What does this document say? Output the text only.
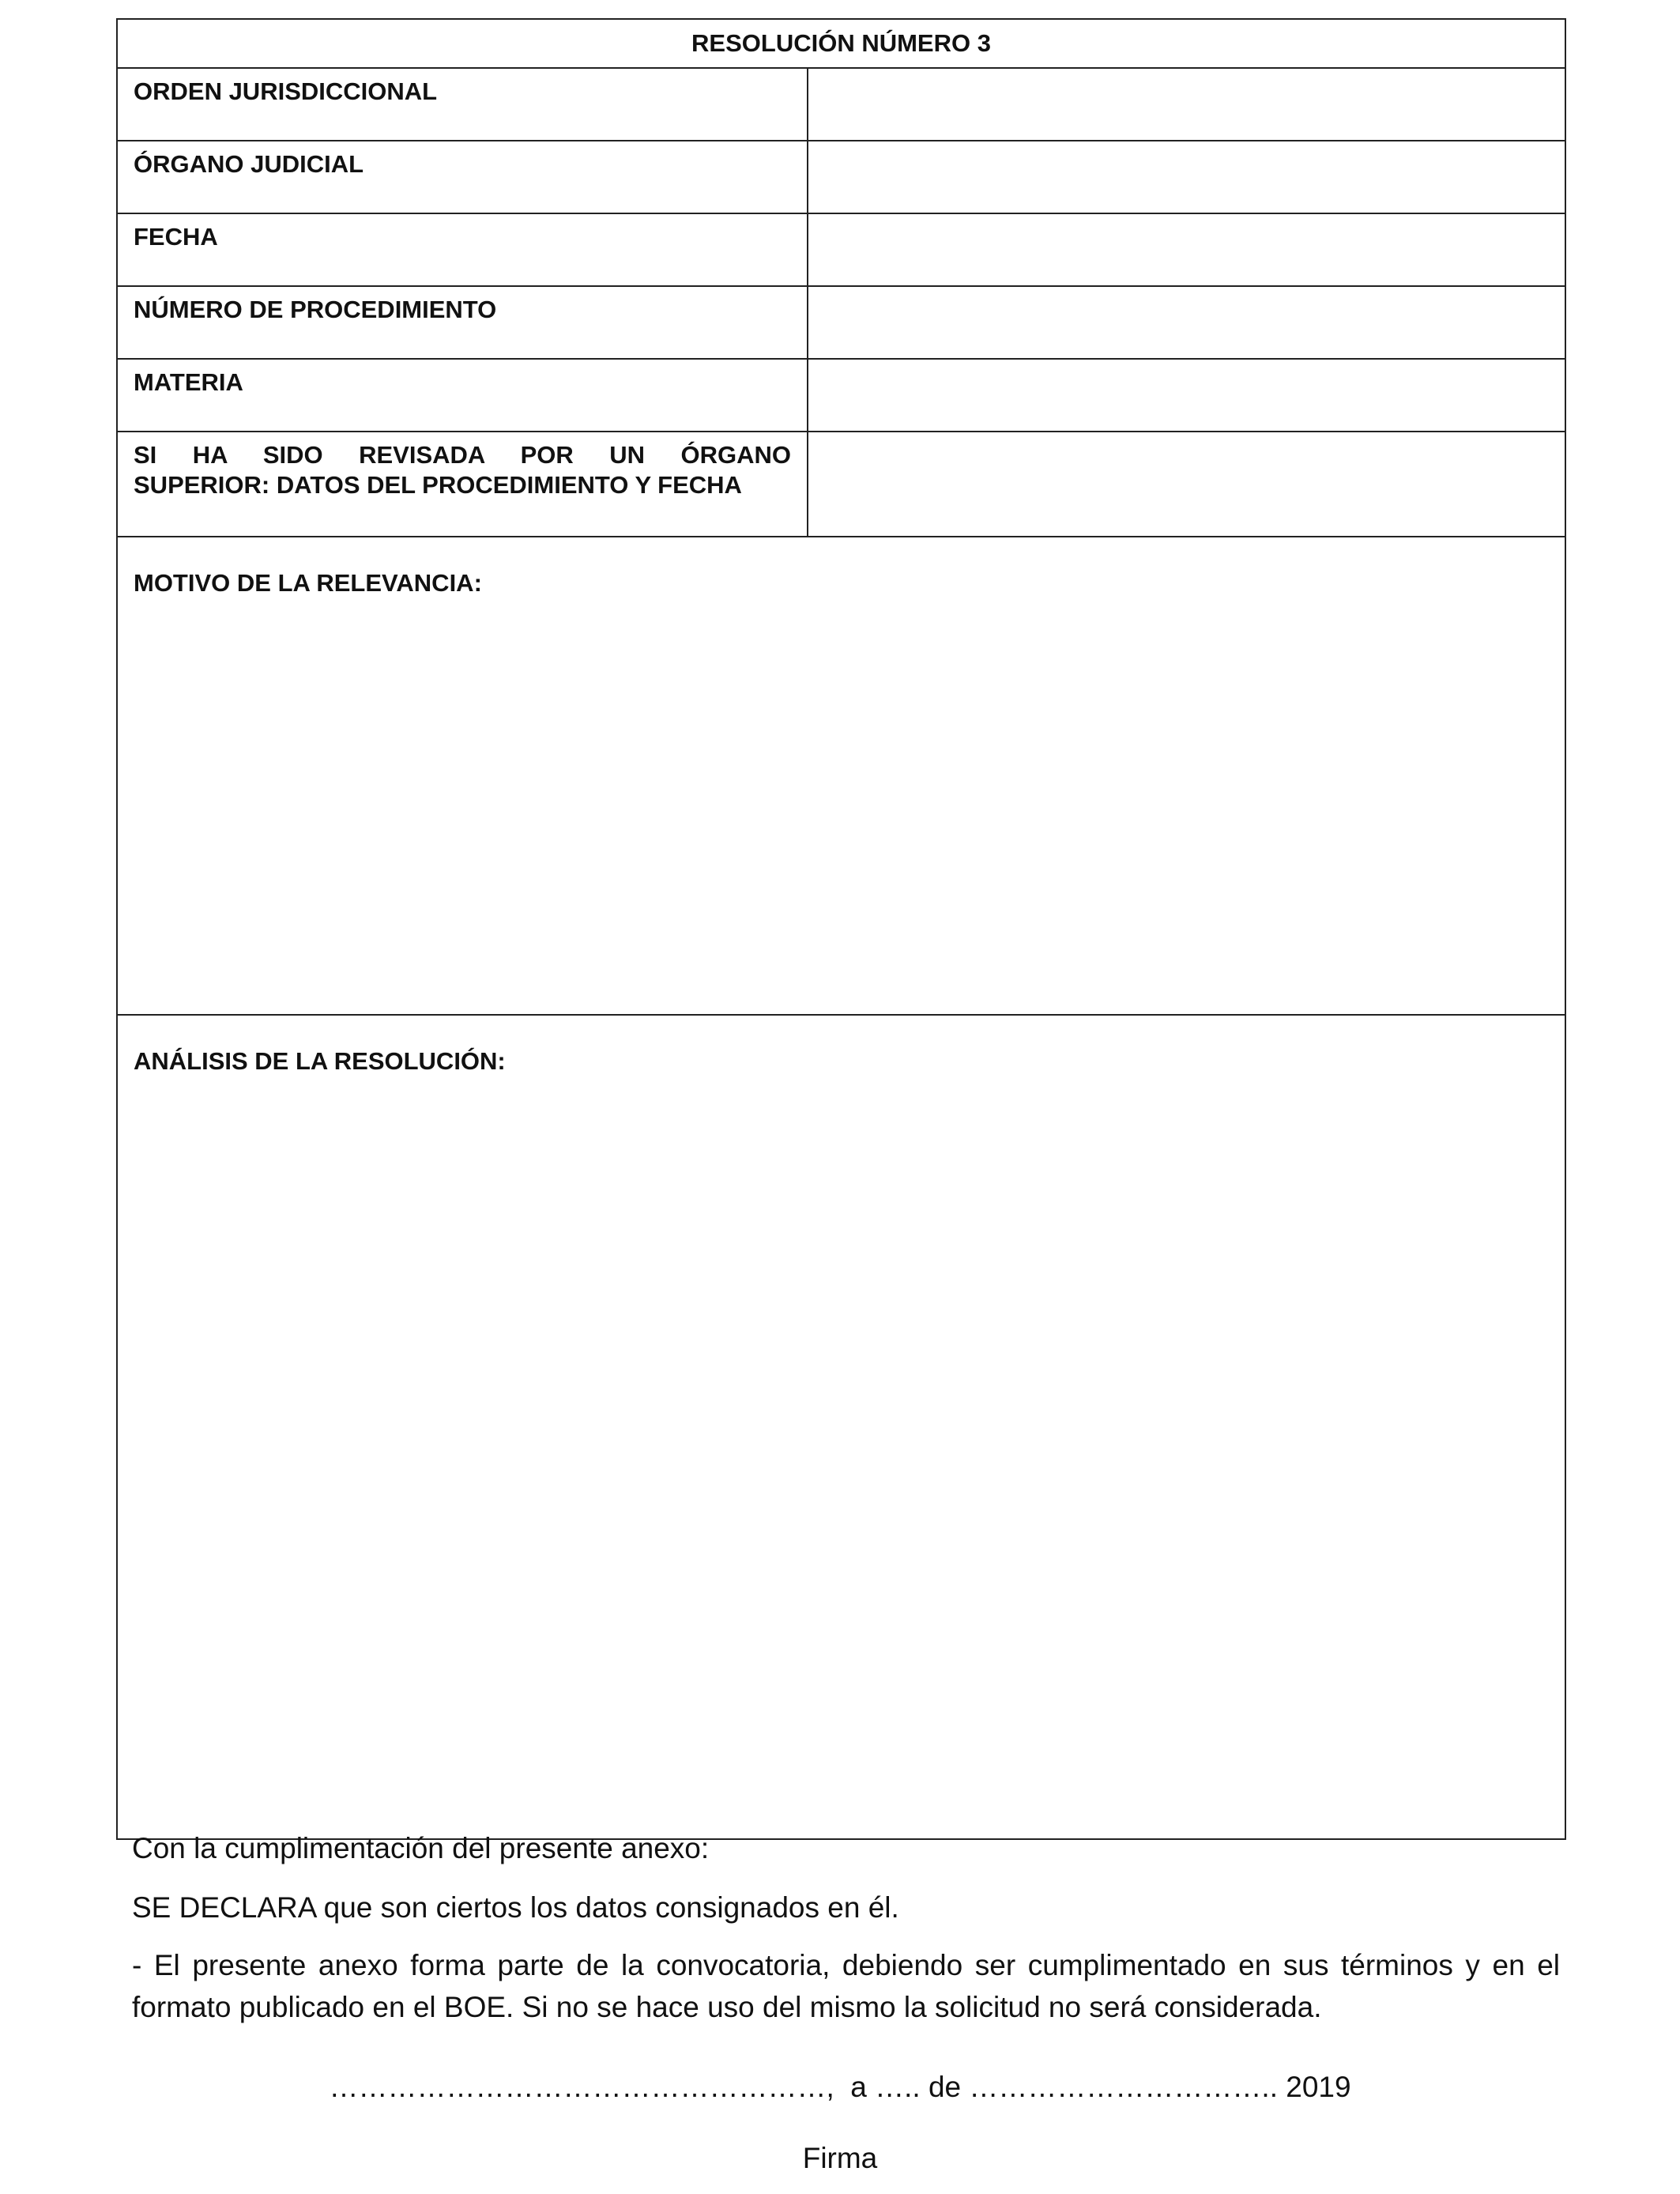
RESOLUCIÓN NÚMERO 3	
ORDEN JURISDICCIONAL	
ÓRGANO JUDICIAL	
FECHA	
NÚMERO DE PROCEDIMIENTO	
MATERIA	

SI HA SIDO REVISADA POR UN ÓRGANO
SUPERIOR: DATOS DEL PROCEDIMIENTO Y FECHA	

MOTIVO DE LA RELEVANCIA:	

ANÁLISIS DE LA RESOLUCIÓN:	

Con la cumplimentación del presente anexo:

SE DECLARA que son ciertos los datos consignados en él.

- El presente anexo forma parte de la convocatoria, debiendo ser cumplimentado en sus términos y en el formato publicado en el BOE. Si no se hace uso del mismo la solicitud no será considerada.

……………………………………………,  a ….. de ………………………….. 2019
Firma
